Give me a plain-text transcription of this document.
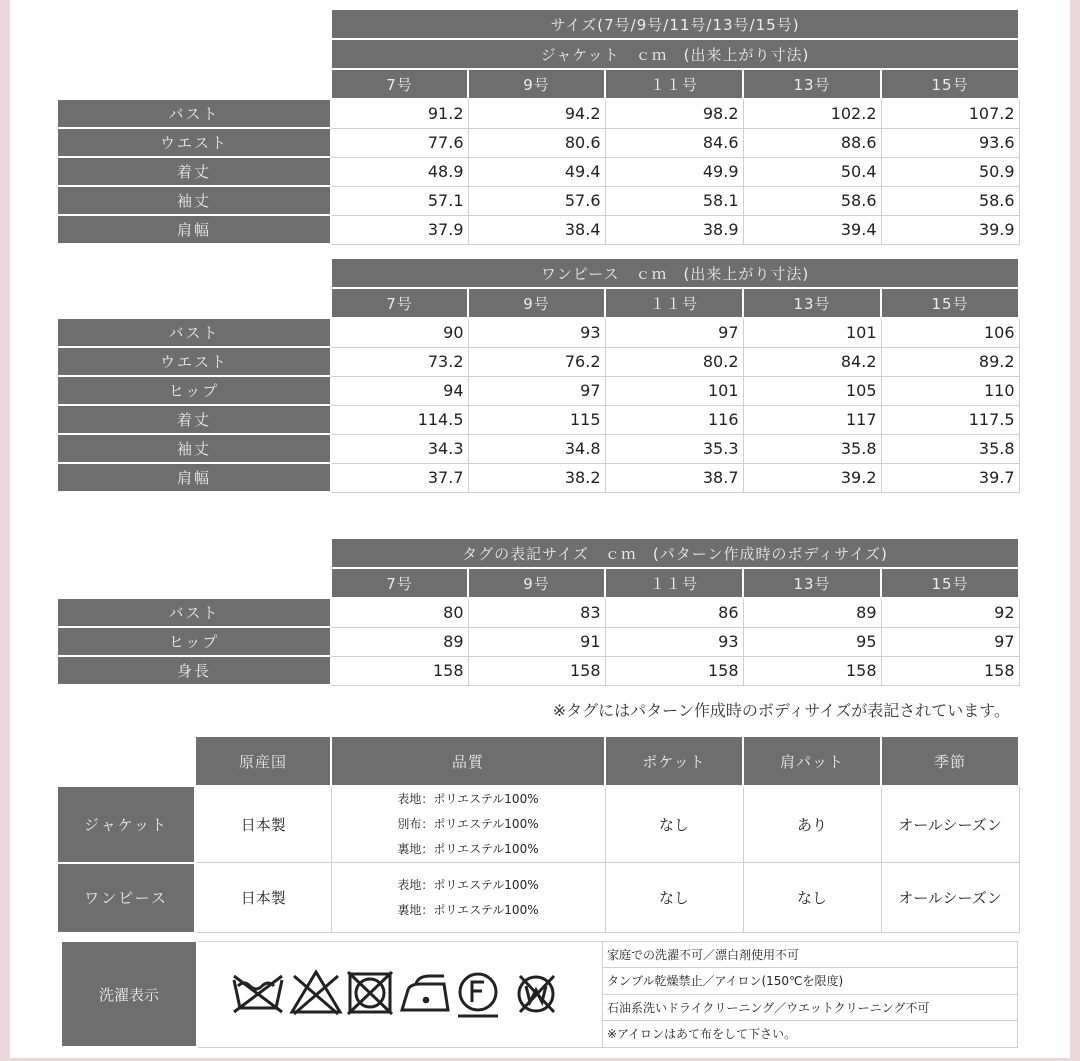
	サイズ(7号/9号/11号/13号/15号)				
	ジャケット　ｃｍ　(出来上がり寸法)				
	7号	9号	１１号	13号	15号
バスト	91.2	94.2	98.2	102.2	107.2
ウエスト	77.6	80.6	84.6	88.6	93.6
着丈	48.9	49.4	49.9	50.4	50.9
袖丈	57.1	57.6	58.1	58.6	58.6
肩幅	37.9	38.4	38.9	39.4	39.9
	ワンピース　ｃｍ　(出来上がり寸法)				
	7号	9号	１１号	13号	15号
バスト	90	93	97	101	106
ウエスト	73.2	76.2	80.2	84.2	89.2
ヒップ	94	97	101	105	110
着丈	114.5	115	116	117	117.5
袖丈	34.3	34.8	35.3	35.8	35.8
肩幅	37.7	38.2	38.7	39.2	39.7
	タグの表記サイズ　ｃｍ　(パターン作成時のボディサイズ)				
	7号	9号	１１号	13号	15号
バスト	80	83	86	89	92
ヒップ	89	91	93	95	97
身長	158	158	158	158	158
※タグにはパターン作成時のボディサイズが表記されています。
	原産国	品質	ポケット	肩パット	季節
ジャケット	日本製	表地：ポリエステル100%
別布：ポリエステル100%
裏地：ポリエステル100%	なし	あり	オールシーズン
ワンピース	日本製	表地：ポリエステル100%
裏地：ポリエステル100%	なし	なし	オールシーズン
洗濯表示		家庭での洗濯不可／漂白剤使用不可
タンブル乾燥禁止／アイロン(150℃を限度)
石油系洗いドライクリーニング／ウエットクリーニング不可
※アイロンはあて布をして下さい。
